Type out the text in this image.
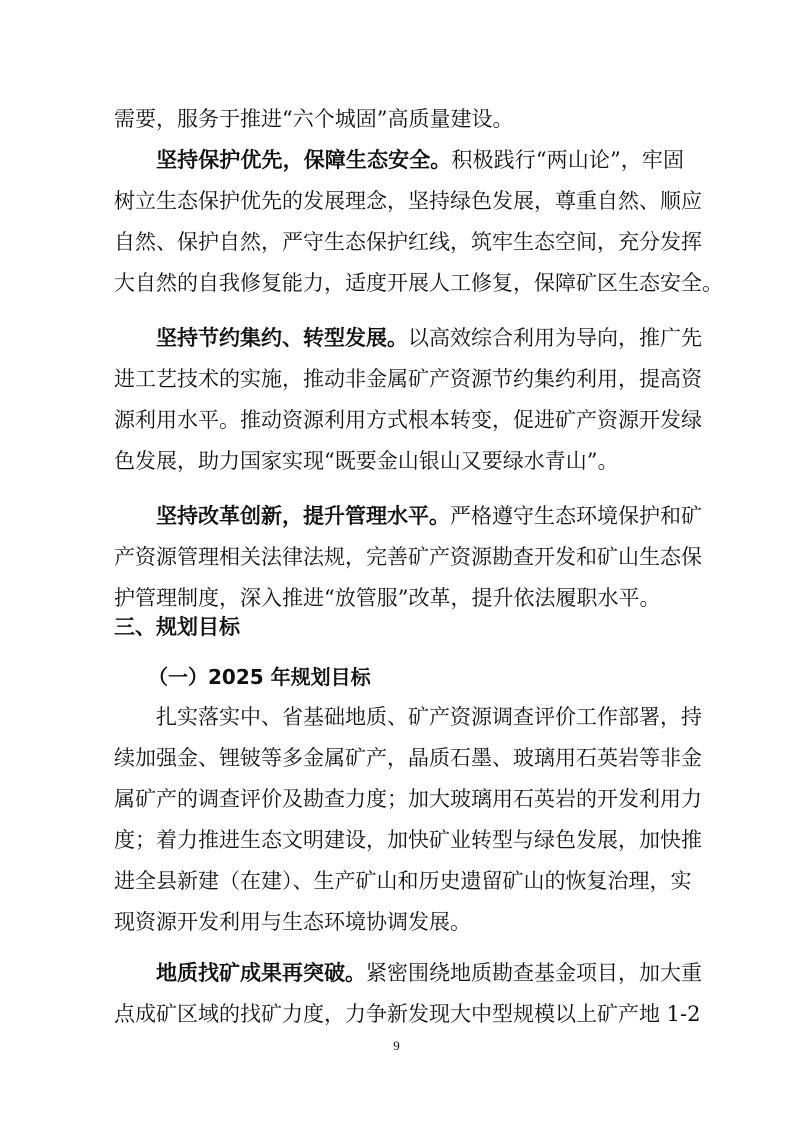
需要，服务于推进“六个城固”高质量建设。
坚持保护优先，保障生态安全。积极践行“两山论”，牢固
树立生态保护优先的发展理念，坚持绿色发展，尊重自然、顺应
自然、保护自然，严守生态保护红线，筑牢生态空间，充分发挥
大自然的自我修复能力，适度开展人工修复，保障矿区生态安全。
坚持节约集约、转型发展。以高效综合利用为导向，推广先
进工艺技术的实施，推动非金属矿产资源节约集约利用，提高资
源利用水平。推动资源利用方式根本转变，促进矿产资源开发绿
色发展，助力国家实现“既要金山银山又要绿水青山”。
坚持改革创新，提升管理水平。严格遵守生态环境保护和矿
产资源管理相关法律法规，完善矿产资源勘查开发和矿山生态保
护管理制度，深入推进“放管服”改革，提升依法履职水平。
三、规划目标
（一）2025 年规划目标
扎实落实中、省基础地质、矿产资源调查评价工作部署，持
续加强金、锂铍等多金属矿产，晶质石墨、玻璃用石英岩等非金
属矿产的调查评价及勘查力度；加大玻璃用石英岩的开发利用力
度；着力推进生态文明建设，加快矿业转型与绿色发展，加快推
进全县新建（在建）、生产矿山和历史遗留矿山的恢复治理，实
现资源开发利用与生态环境协调发展。
地质找矿成果再突破。紧密围绕地质勘查基金项目，加大重
点成矿区域的找矿力度，力争新发现大中型规模以上矿产地 1-2
9
